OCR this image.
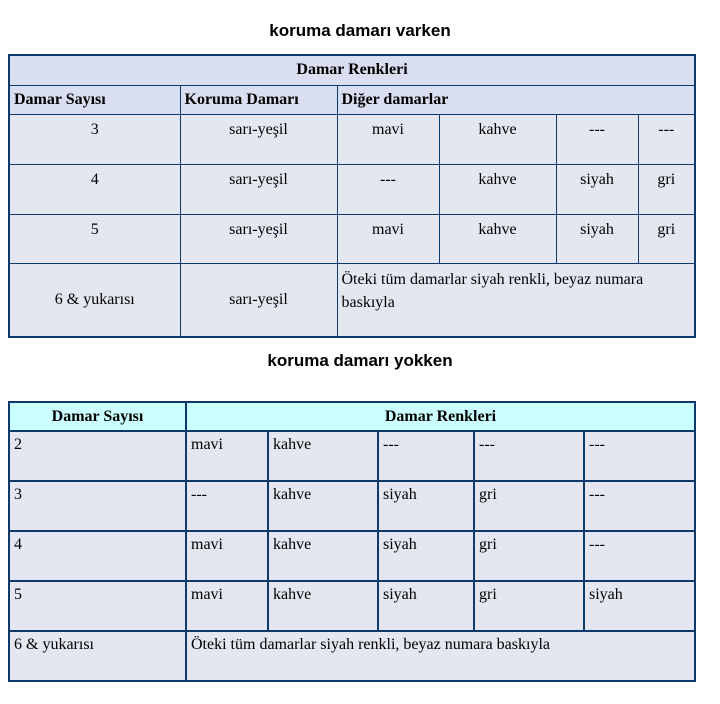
koruma damarı varken
Damar Renkleri					
Damar Sayısı	Koruma Damarı	Diğer damarlar			
3	sarı-yeşil	mavi	kahve	---	---
4	sarı-yeşil	---	kahve	siyah	gri
5	sarı-yeşil	mavi	kahve	siyah	gri
6 & yukarısı	sarı-yeşil	Öteki tüm damarlar siyah renkli, beyaz numara baskıyla			
koruma damarı yokken
Damar Sayısı	Damar Renkleri				
2	mavi	kahve	---	---	---
3	---	kahve	siyah	gri	---
4	mavi	kahve	siyah	gri	---
5	mavi	kahve	siyah	gri	siyah
6 & yukarısı	Öteki tüm damarlar siyah renkli, beyaz numara baskıyla				
